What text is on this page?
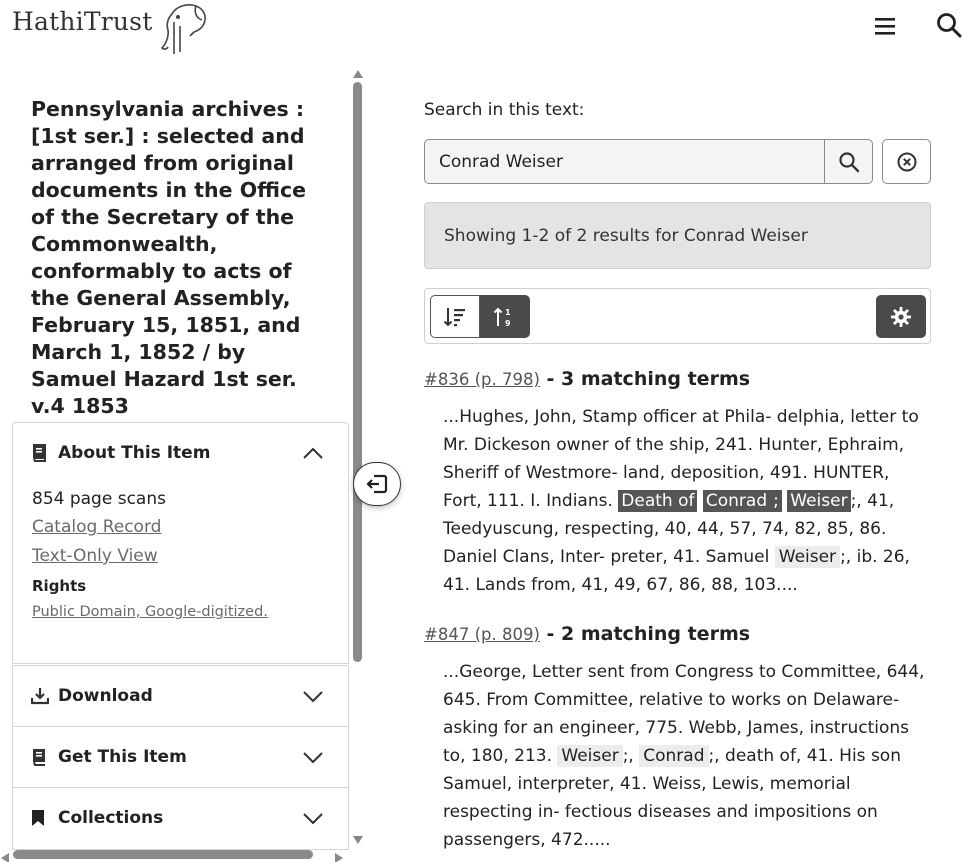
HathiTrust
Pennsylvania archives : [1st ser.] : selected and arranged from original documents in the Office of the Secretary of the Commonwealth, conformably to acts of the General Assembly, February 15, 1851, and March 1, 1852 / by Samuel Hazard 1st ser. v.4 1853
About This Item
854 page scans
Catalog Record
Text-Only View
Rights
Public Domain, Google-digitized.
Download
Get This Item
Collections
Search in this text:
Conrad Weiser
Showing 1-2 of 2 results for Conrad Weiser
1
9
#836 (p. 798) - 3 matching terms
...Hughes, John, Stamp officer at Phila- delphia, letter to Mr. Dickeson owner of the ship, 241. Hunter, Ephraim, Sheriff of Westmore- land, deposition, 491. HUNTER, Fort, 111. I. Indians. Death of Conrad ; Weiser ;, 41, Teedyuscung, respecting, 40, 44, 57, 74, 82, 85, 86. Daniel Clans, Inter- preter, 41. Samuel Weiser ;, ib. 26, 41. Lands from, 41, 49, 67, 86, 88, 103....
#847 (p. 809) - 2 matching terms
...George, Letter sent from Congress to Committee, 644, 645. From Committee, relative to works on Delaware- asking for an engineer, 775. Webb, James, instructions to, 180, 213. Weiser ;, Conrad ;, death of, 41. His son Samuel, interpreter, 41. Weiss, Lewis, memorial respecting in- fectious diseases and impositions on passengers, 472.....
